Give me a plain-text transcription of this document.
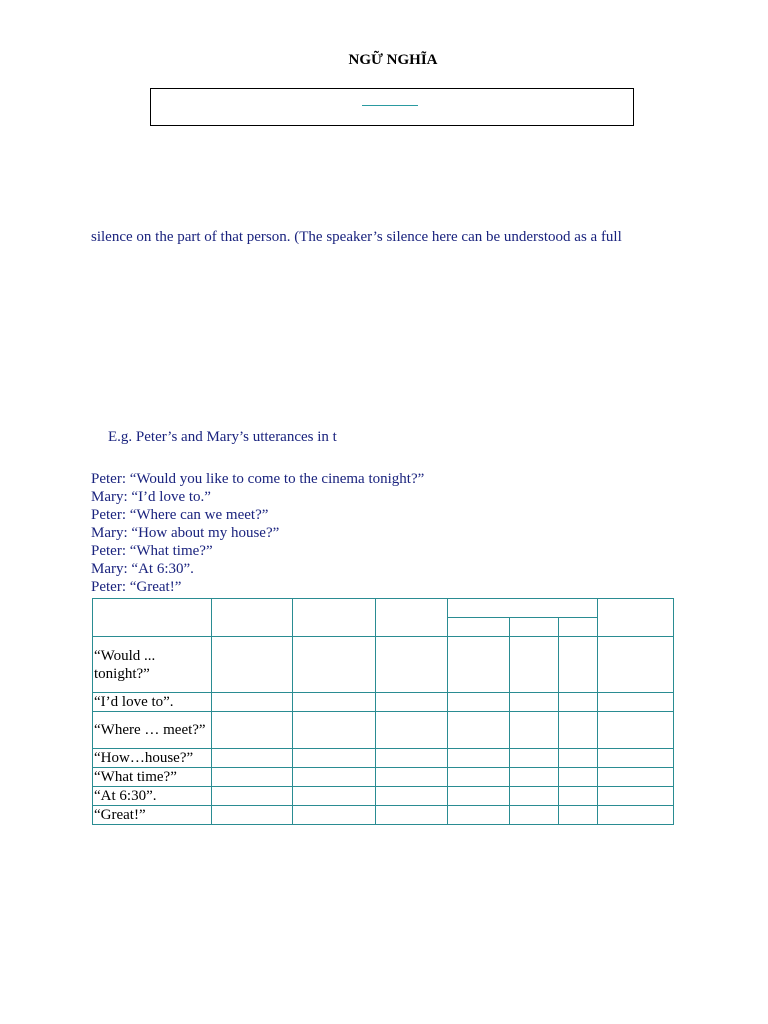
NGỮ NGHĨA
silence on the part of that person. (The speaker’s silence here can be understood as a full
E.g. Peter’s and Mary’s utterances in t
Peter: “Would you like to come to the cinema tonight?”
Mary: “I’d love to.”
Peter: “Where can we meet?”
Mary: “How about my house?”
Peter: “What time?”
Mary: “At 6:30”.
Peter: “Great!”

“Would ... tonight?”							
“I’d love to”.							
“Where … meet?”							
“How…house?”							
“What time?”							
“At 6:30”.							
“Great!”							
